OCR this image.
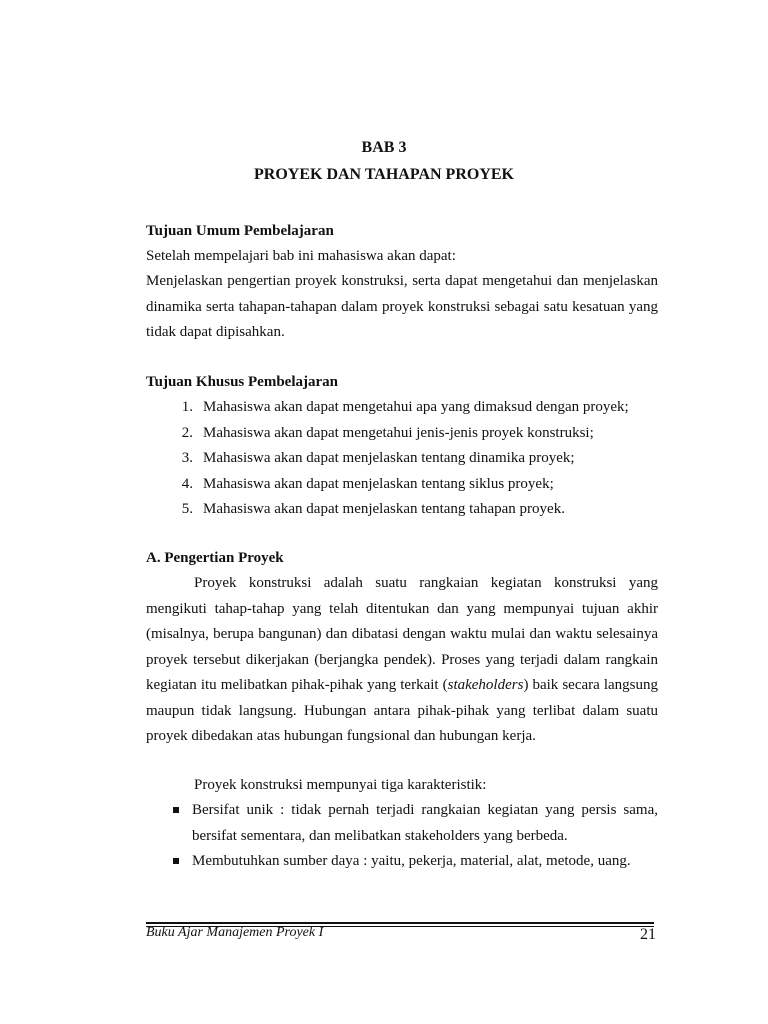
BAB 3
PROYEK DAN TAHAPAN PROYEK
Tujuan Umum Pembelajaran
Setelah mempelajari bab ini mahasiswa akan dapat:
Menjelaskan pengertian proyek konstruksi, serta dapat mengetahui dan menjelaskan dinamika serta tahapan-tahapan dalam proyek konstruksi sebagai satu kesatuan yang tidak dapat dipisahkan.
Tujuan Khusus Pembelajaran
1. Mahasiswa akan dapat mengetahui apa yang dimaksud dengan proyek;
2. Mahasiswa akan dapat mengetahui jenis-jenis proyek konstruksi;
3. Mahasiswa akan dapat menjelaskan tentang dinamika proyek;
4. Mahasiswa akan dapat menjelaskan tentang siklus proyek;
5. Mahasiswa akan dapat menjelaskan tentang tahapan proyek.
A. Pengertian Proyek
Proyek konstruksi adalah suatu rangkaian kegiatan konstruksi yang mengikuti tahap-tahap yang telah ditentukan dan yang mempunyai tujuan akhir (misalnya, berupa bangunan) dan dibatasi dengan waktu mulai dan waktu selesainya proyek tersebut dikerjakan (berjangka pendek). Proses yang terjadi dalam rangkain kegiatan itu melibatkan pihak-pihak yang terkait (stakeholders) baik secara langsung maupun tidak langsung. Hubungan antara pihak-pihak yang terlibat dalam suatu proyek dibedakan atas hubungan fungsional dan hubungan kerja.
Proyek konstruksi mempunyai tiga karakteristik:
Bersifat unik : tidak pernah terjadi rangkaian kegiatan yang persis sama, bersifat sementara, dan melibatkan stakeholders yang berbeda.
Membutuhkan sumber daya : yaitu, pekerja, material, alat, metode, uang.
Buku Ajar Manajemen Proyek I	21
